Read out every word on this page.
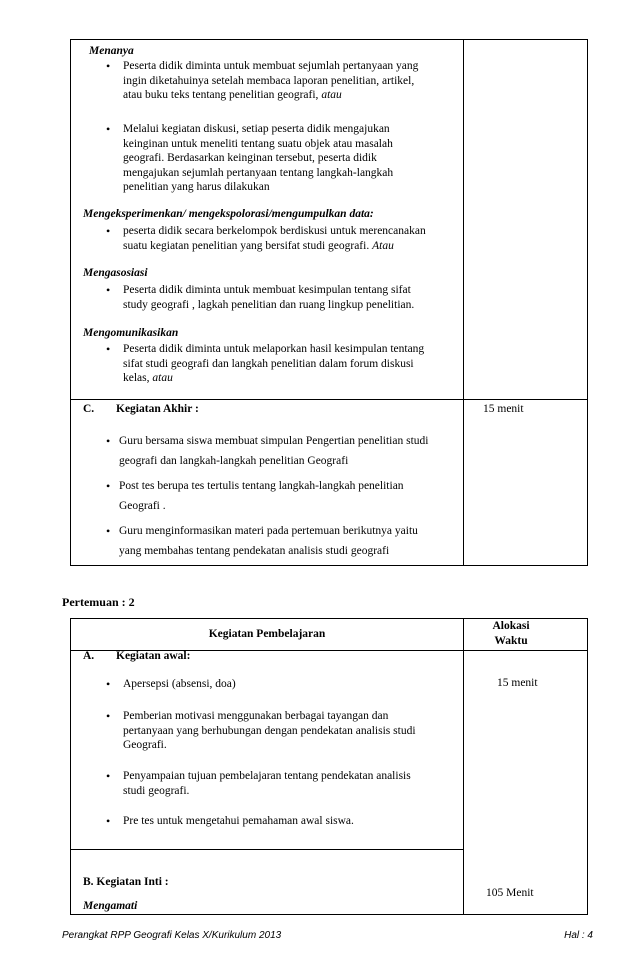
Menanya
• Peserta didik diminta untuk membuat sejumlah pertanyaan yang
ingin diketahuinya setelah membaca laporan penelitian, artikel,
atau buku teks tentang penelitian geografi, atau
• Melalui kegiatan diskusi, setiap peserta didik mengajukan
keinginan untuk meneliti tentang suatu objek atau masalah
geografi. Berdasarkan keinginan tersebut, peserta didik
mengajukan sejumlah pertanyaan tentang langkah-langkah
penelitian yang harus dilakukan
Mengeksperimenkan/ mengekspolorasi/mengumpulkan data:
• peserta didik secara berkelompok berdiskusi untuk merencanakan
suatu kegiatan penelitian yang bersifat studi geografi. Atau
Mengasosiasi
• Peserta didik diminta untuk membuat kesimpulan tentang sifat
study geografi , lagkah penelitian dan ruang lingkup penelitian.
Mengomunikasikan
• Peserta didik diminta untuk melaporkan hasil kesimpulan tentang
sifat studi geografi dan langkah penelitian dalam forum diskusi
kelas, atau
C. Kegiatan Akhir :	15 menit
• Guru bersama siswa membuat simpulan Pengertian penelitian studi
geografi dan langkah-langkah penelitian Geografi
• Post tes berupa tes tertulis tentang langkah-langkah penelitian
Geografi .
• Guru menginformasikan materi pada pertemuan berikutnya yaitu
yang membahas tentang pendekatan analisis studi geografi
Pertemuan : 2
Kegiatan Pembelajaran
Alokasi Waktu
A. Kegiatan awal:
15 menit
• Apersepsi (absensi, doa)
• Pemberian motivasi menggunakan berbagai tayangan dan
pertanyaan yang berhubungan dengan pendekatan analisis studi
Geografi.
• Penyampaian tujuan pembelajaran tentang pendekatan analisis
studi geografi.
• Pre tes untuk mengetahui pemahaman awal siswa.
B. Kegiatan Inti :
105 Menit
Mengamati
Perangkat RPP Geografi Kelas X/Kurikulum 2013	Hal : 4
